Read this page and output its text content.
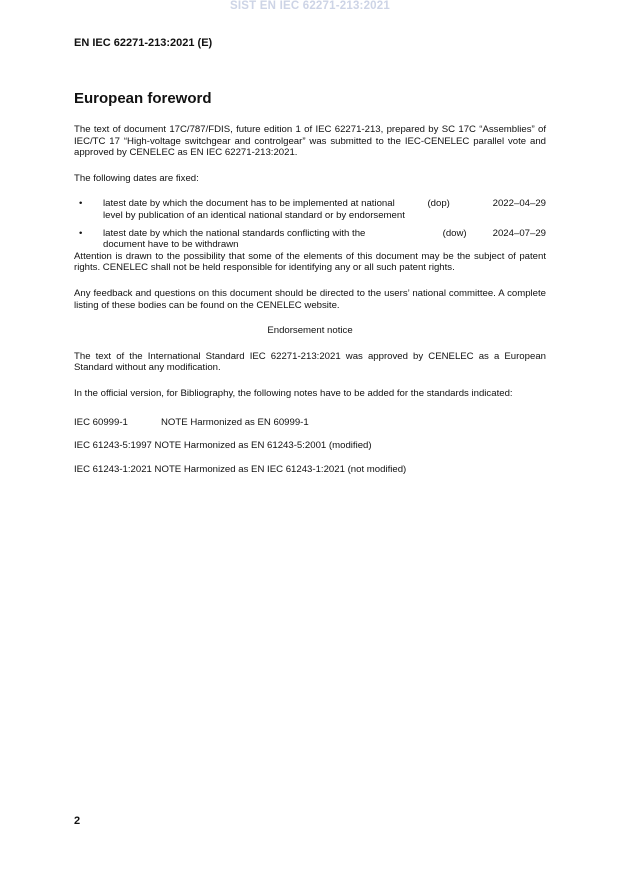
SIST EN IEC 62271-213:2021
EN IEC 62271-213:2021 (E)
European foreword

The text of document 17C/787/FDIS, future edition 1 of IEC 62271-213, prepared by SC 17C “Assemblies” of IEC/TC 17 “High-voltage switchgear and controlgear” was submitted to the IEC-CENELEC parallel vote and approved by CENELEC as EN IEC 62271-213:2021.

The following dates are fixed:

•	latest date by which the document has to be implemented at national	(dop)	2022–04–29
level by publication of an identical national standard or by endorsement
•	latest date by which the national standards conflicting with the	(dow)	2024–07–29
document have to be withdrawn

Attention is drawn to the possibility that some of the elements of this document may be the subject of patent rights. CENELEC shall not be held responsible for identifying any or all such patent rights.

Any feedback and questions on this document should be directed to the users’ national committee. A complete listing of these bodies can be found on the CENELEC website.

Endorsement notice

The text of the International Standard IEC 62271-213:2021 was approved by CENELEC as a European Standard without any modification.

In the official version, for Bibliography, the following notes have to be added for the standards indicated:

IEC 60999-1	NOTE Harmonized as EN 60999-1
IEC 61243-5:1997 NOTE Harmonized as EN 61243-5:2001 (modified)
IEC 61243-1:2021 NOTE Harmonized as EN IEC 61243-1:2021 (not modified)
2
